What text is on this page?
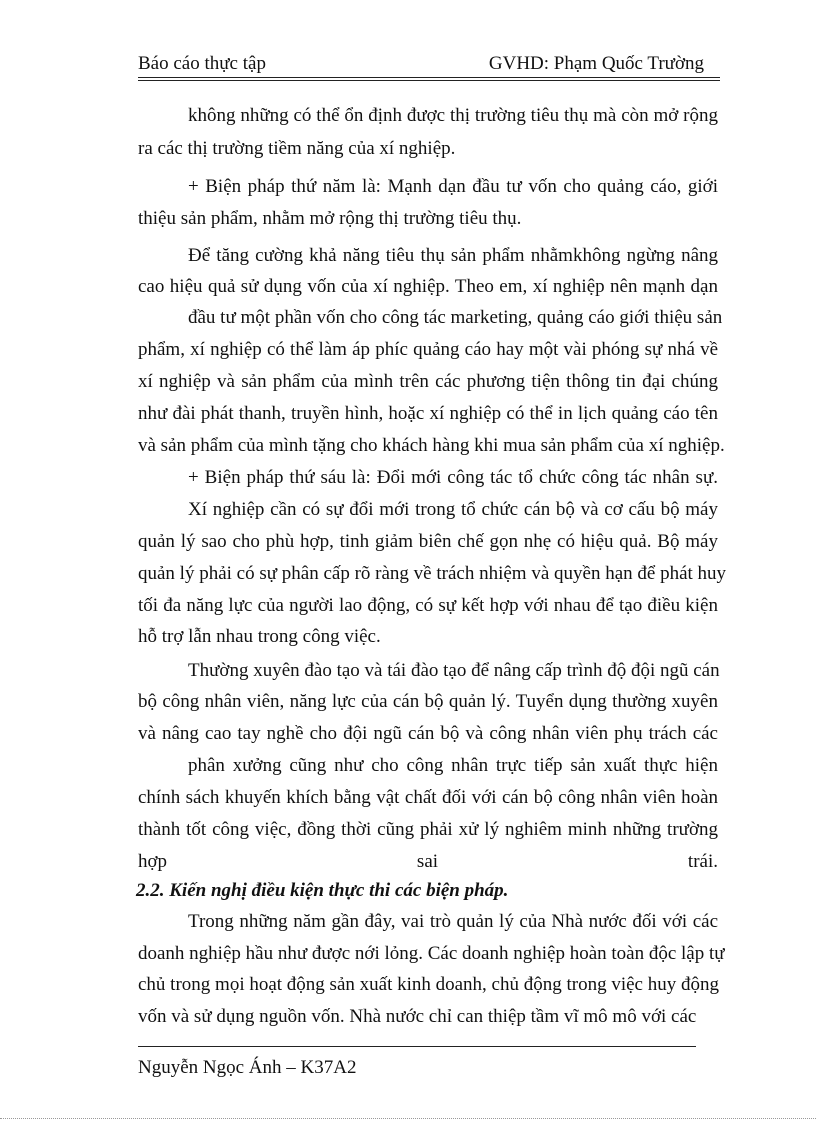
Báo cáo thực tập	GVHD: Phạm Quốc Trường
không những có thể ổn định được thị trường tiêu thụ mà còn mở rộng
ra các thị trường tiềm năng của xí nghiệp.
+ Biện pháp thứ năm là: Mạnh dạn đầu tư vốn cho quảng cáo, giới
thiệu sản phẩm, nhằm mở rộng thị trường tiêu thụ.
Để tăng cường khả năng tiêu thụ sản phẩm nhằmkhông ngừng nâng
cao hiệu quả sử dụng vốn của xí nghiệp. Theo em, xí nghiệp nên mạnh dạn
đầu tư một phần vốn cho công tác marketing, quảng cáo giới thiệu sản
phẩm, xí nghiệp có thể làm áp phíc quảng cáo hay một vài phóng sự nhá về
xí nghiệp và sản phẩm của mình trên các phương tiện thông tin đại chúng
như đài phát thanh, truyền hình, hoặc xí nghiệp có thể in lịch quảng cáo tên
và sản phẩm của mình tặng cho khách hàng khi mua sản phẩm của xí nghiệp.
+ Biện pháp thứ sáu là: Đổi mới công tác tổ chức công tác nhân sự.
Xí nghiệp cần có sự đổi mới trong tổ chức cán bộ và cơ cấu bộ máy
quản lý sao cho phù hợp, tinh giảm biên chế gọn nhẹ có hiệu quả. Bộ máy
quản lý phải có sự phân cấp rõ ràng về trách nhiệm và quyền hạn để phát huy
tối đa năng lực của người lao động, có sự kết hợp với nhau để tạo điều kiện
hỗ trợ lẫn nhau trong công việc.
Thường xuyên đào tạo và tái đào tạo để nâng cấp trình độ đội ngũ cán
bộ công nhân viên, năng lực của cán bộ quản lý. Tuyển dụng thường xuyên
và nâng cao tay nghề cho đội ngũ cán bộ và công nhân viên phụ trách các
phân xưởng cũng như cho công nhân trực tiếp sản xuất thực hiện
chính sách khuyến khích bằng vật chất đối với cán bộ công nhân viên hoàn
thành tốt công việc, đồng thời cũng phải xử lý nghiêm minh những trường
hợp sai trái.
2.2. Kiến nghị điều kiện thực thi các biện pháp.
Trong những năm gần đây, vai trò quản lý của Nhà nước đối với các
doanh nghiệp hầu như được nới lỏng. Các doanh nghiệp hoàn toàn độc lập tự
chủ trong mọi hoạt động sản xuất kinh doanh, chủ động trong việc huy động
vốn và sử dụng nguồn vốn. Nhà nước chỉ can thiệp tầm vĩ mô mô với các
Nguyễn Ngọc Ánh – K37A2
